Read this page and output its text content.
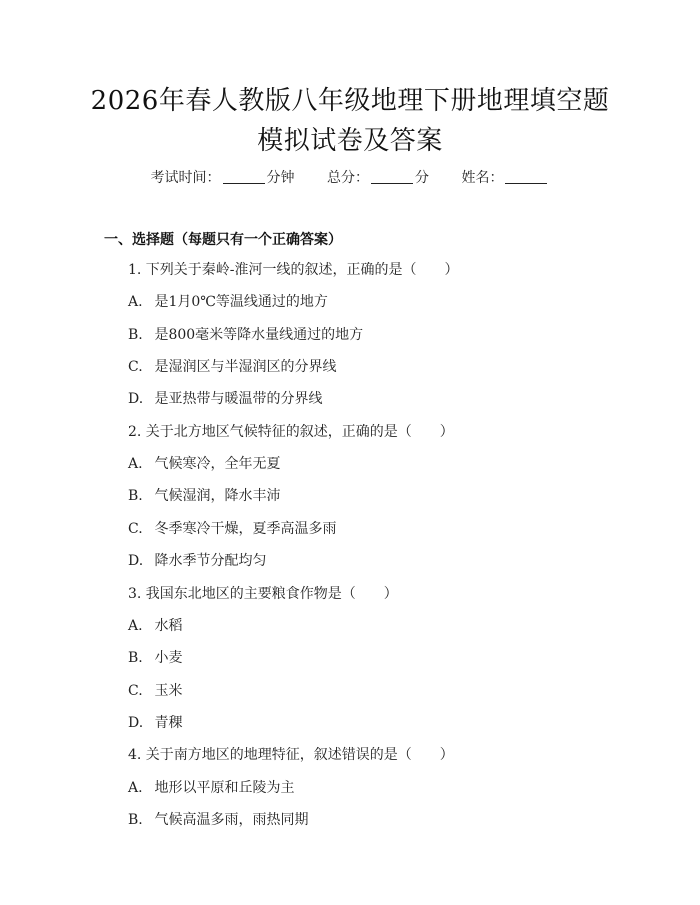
2026年春人教版八年级地理下册地理填空题
模拟试卷及答案
考试时间：	分钟 总分：	分 姓名：
一、选择题（每题只有一个正确答案）
1. 下列关于秦岭-淮河一线的叙述，正确的是（　　）
A. 是1月0℃等温线通过的地方
B. 是800毫米等降水量线通过的地方
C. 是湿润区与半湿润区的分界线
D. 是亚热带与暖温带的分界线
2. 关于北方地区气候特征的叙述，正确的是（　　）
A. 气候寒冷，全年无夏
B. 气候湿润，降水丰沛
C. 冬季寒冷干燥，夏季高温多雨
D. 降水季节分配均匀
3. 我国东北地区的主要粮食作物是（　　）
A. 水稻
B. 小麦
C. 玉米
D. 青稞
4. 关于南方地区的地理特征，叙述错误的是（　　）
A. 地形以平原和丘陵为主
B. 气候高温多雨，雨热同期
